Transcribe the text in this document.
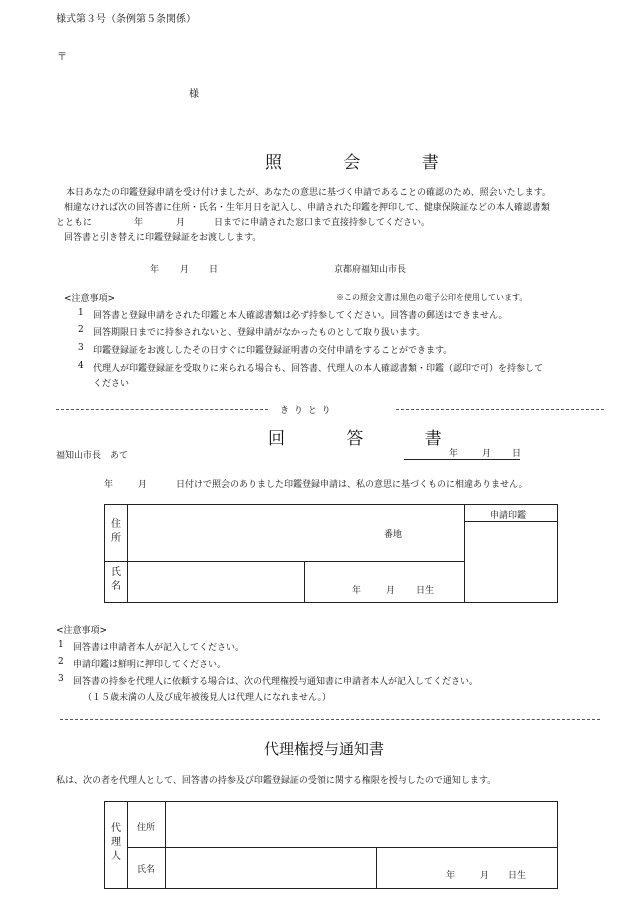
様式第３号（条例第５条関係）
〒
様
照 会 書
本日あなたの印鑑登録申請を受け付けましたが、あなたの意思に基づく申請であることの確認のため、照会いたします。
相違なければ次の回答書に住所・氏名・生年月日を記入し、申請された印鑑を押印して、健康保険証などの本人確認書類
とともに	年	月	日までに申請された窓口まで直接持参してください。
回答書と引き替えに印鑑登録証をお渡しします。
年 月 日	京都府福知山市長
<注意事項>	※この照会文書は黒色の電子公印を使用しています。
1 回答書と登録申請をされた印鑑と本人確認書類は必ず持参してください。回答書の郵送はできません。
2 回答期限日までに持参されないと、登録申請がなかったものとして取り扱います。
3 印鑑登録証をお渡ししたその日すぐに印鑑登録証明書の交付申請をすることができます。
4 代理人が印鑑登録証を受取りに来られる場合も、回答書、代理人の本人確認書類・印鑑（認印で可）を持参して
ください
き り と り
回 答 書
福知山市長　あて	年	月 日
年	月	日付けで照会のありました印鑑登録申請は、私の意思に基づくものに相違ありません。
申請印鑑
住所	番地
氏名	年	月 日生
<注意事項>
1 回答書は申請者本人が記入してください。
2 申請印鑑は鮮明に押印してください。
3 回答書の持参を代理人に依頼する場合は、次の代理権授与通知書に申請者本人が記入してください。
（１５歳未満の人及び成年被後見人は代理人になれません。）
代理権授与通知書
私は、次の者を代理人として、回答書の持参及び印鑑登録証の受領に関する権限を授与したので通知します。
代理人
住所
氏名
年	月 日生
